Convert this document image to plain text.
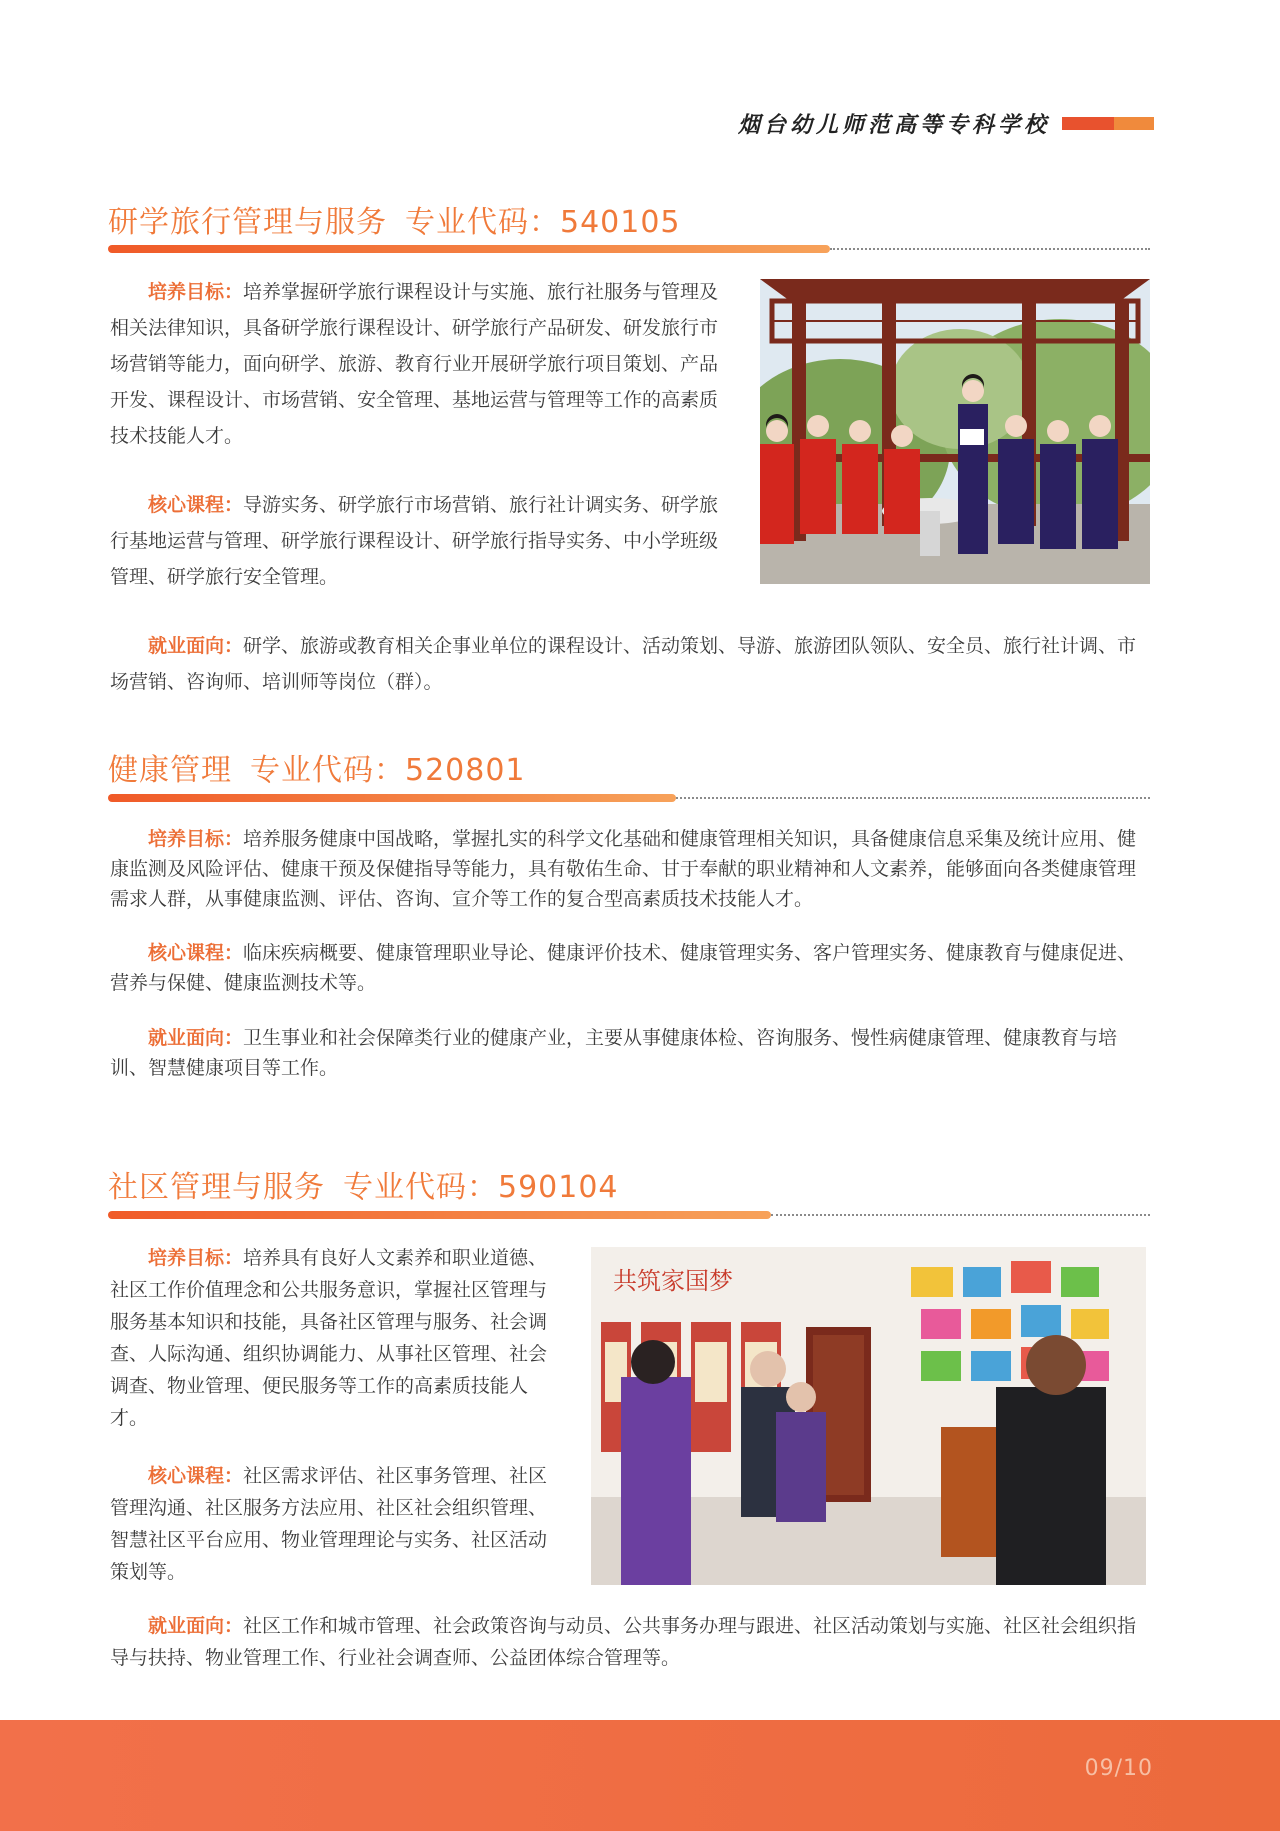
烟台幼儿师范高等专科学校
研学旅行管理与服务 专业代码：540105

培养目标：培养掌握研学旅行课程设计与实施、旅行社服务与管理及相关法律知识，具备研学旅行课程设计、研学旅行产品研发、研发旅行市场营销等能力，面向研学、旅游、教育行业开展研学旅行项目策划、产品开发、课程设计、市场营销、安全管理、基地运营与管理等工作的高素质技术技能人才。

核心课程：导游实务、研学旅行市场营销、旅行社计调实务、研学旅行基地运营与管理、研学旅行课程设计、研学旅行指导实务、中小学班级管理、研学旅行安全管理。

就业面向：研学、旅游或教育相关企事业单位的课程设计、活动策划、导游、旅游团队领队、安全员、旅行社计调、市场营销、咨询师、培训师等岗位（群）。

健康管理 专业代码：520801

培养目标：培养服务健康中国战略，掌握扎实的科学文化基础和健康管理相关知识，具备健康信息采集及统计应用、健康监测及风险评估、健康干预及保健指导等能力，具有敬佑生命、甘于奉献的职业精神和人文素养，能够面向各类健康管理需求人群，从事健康监测、评估、咨询、宣介等工作的复合型高素质技术技能人才。

核心课程：临床疾病概要、健康管理职业导论、健康评价技术、健康管理实务、客户管理实务、健康教育与健康促进、营养与保健、健康监测技术等。

就业面向：卫生事业和社会保障类行业的健康产业，主要从事健康体检、咨询服务、慢性病健康管理、健康教育与培训、智慧健康项目等工作。

社区管理与服务 专业代码：590104

培养目标：培养具有良好人文素养和职业道德、社区工作价值理念和公共服务意识，掌握社区管理与服务基本知识和技能，具备社区管理与服务、社会调查、人际沟通、组织协调能力、从事社区管理、社会调查、物业管理、便民服务等工作的高素质技能人才。

核心课程：社区需求评估、社区事务管理、社区管理沟通、社区服务方法应用、社区社会组织管理、智慧社区平台应用、物业管理理论与实务、社区活动策划等。

就业面向：社区工作和城市管理、社会政策咨询与动员、公共事务办理与跟进、社区活动策划与实施、社区社会组织指导与扶持、物业管理工作、行业社会调查师、公益团体综合管理等。

共筑家国梦
09/10
